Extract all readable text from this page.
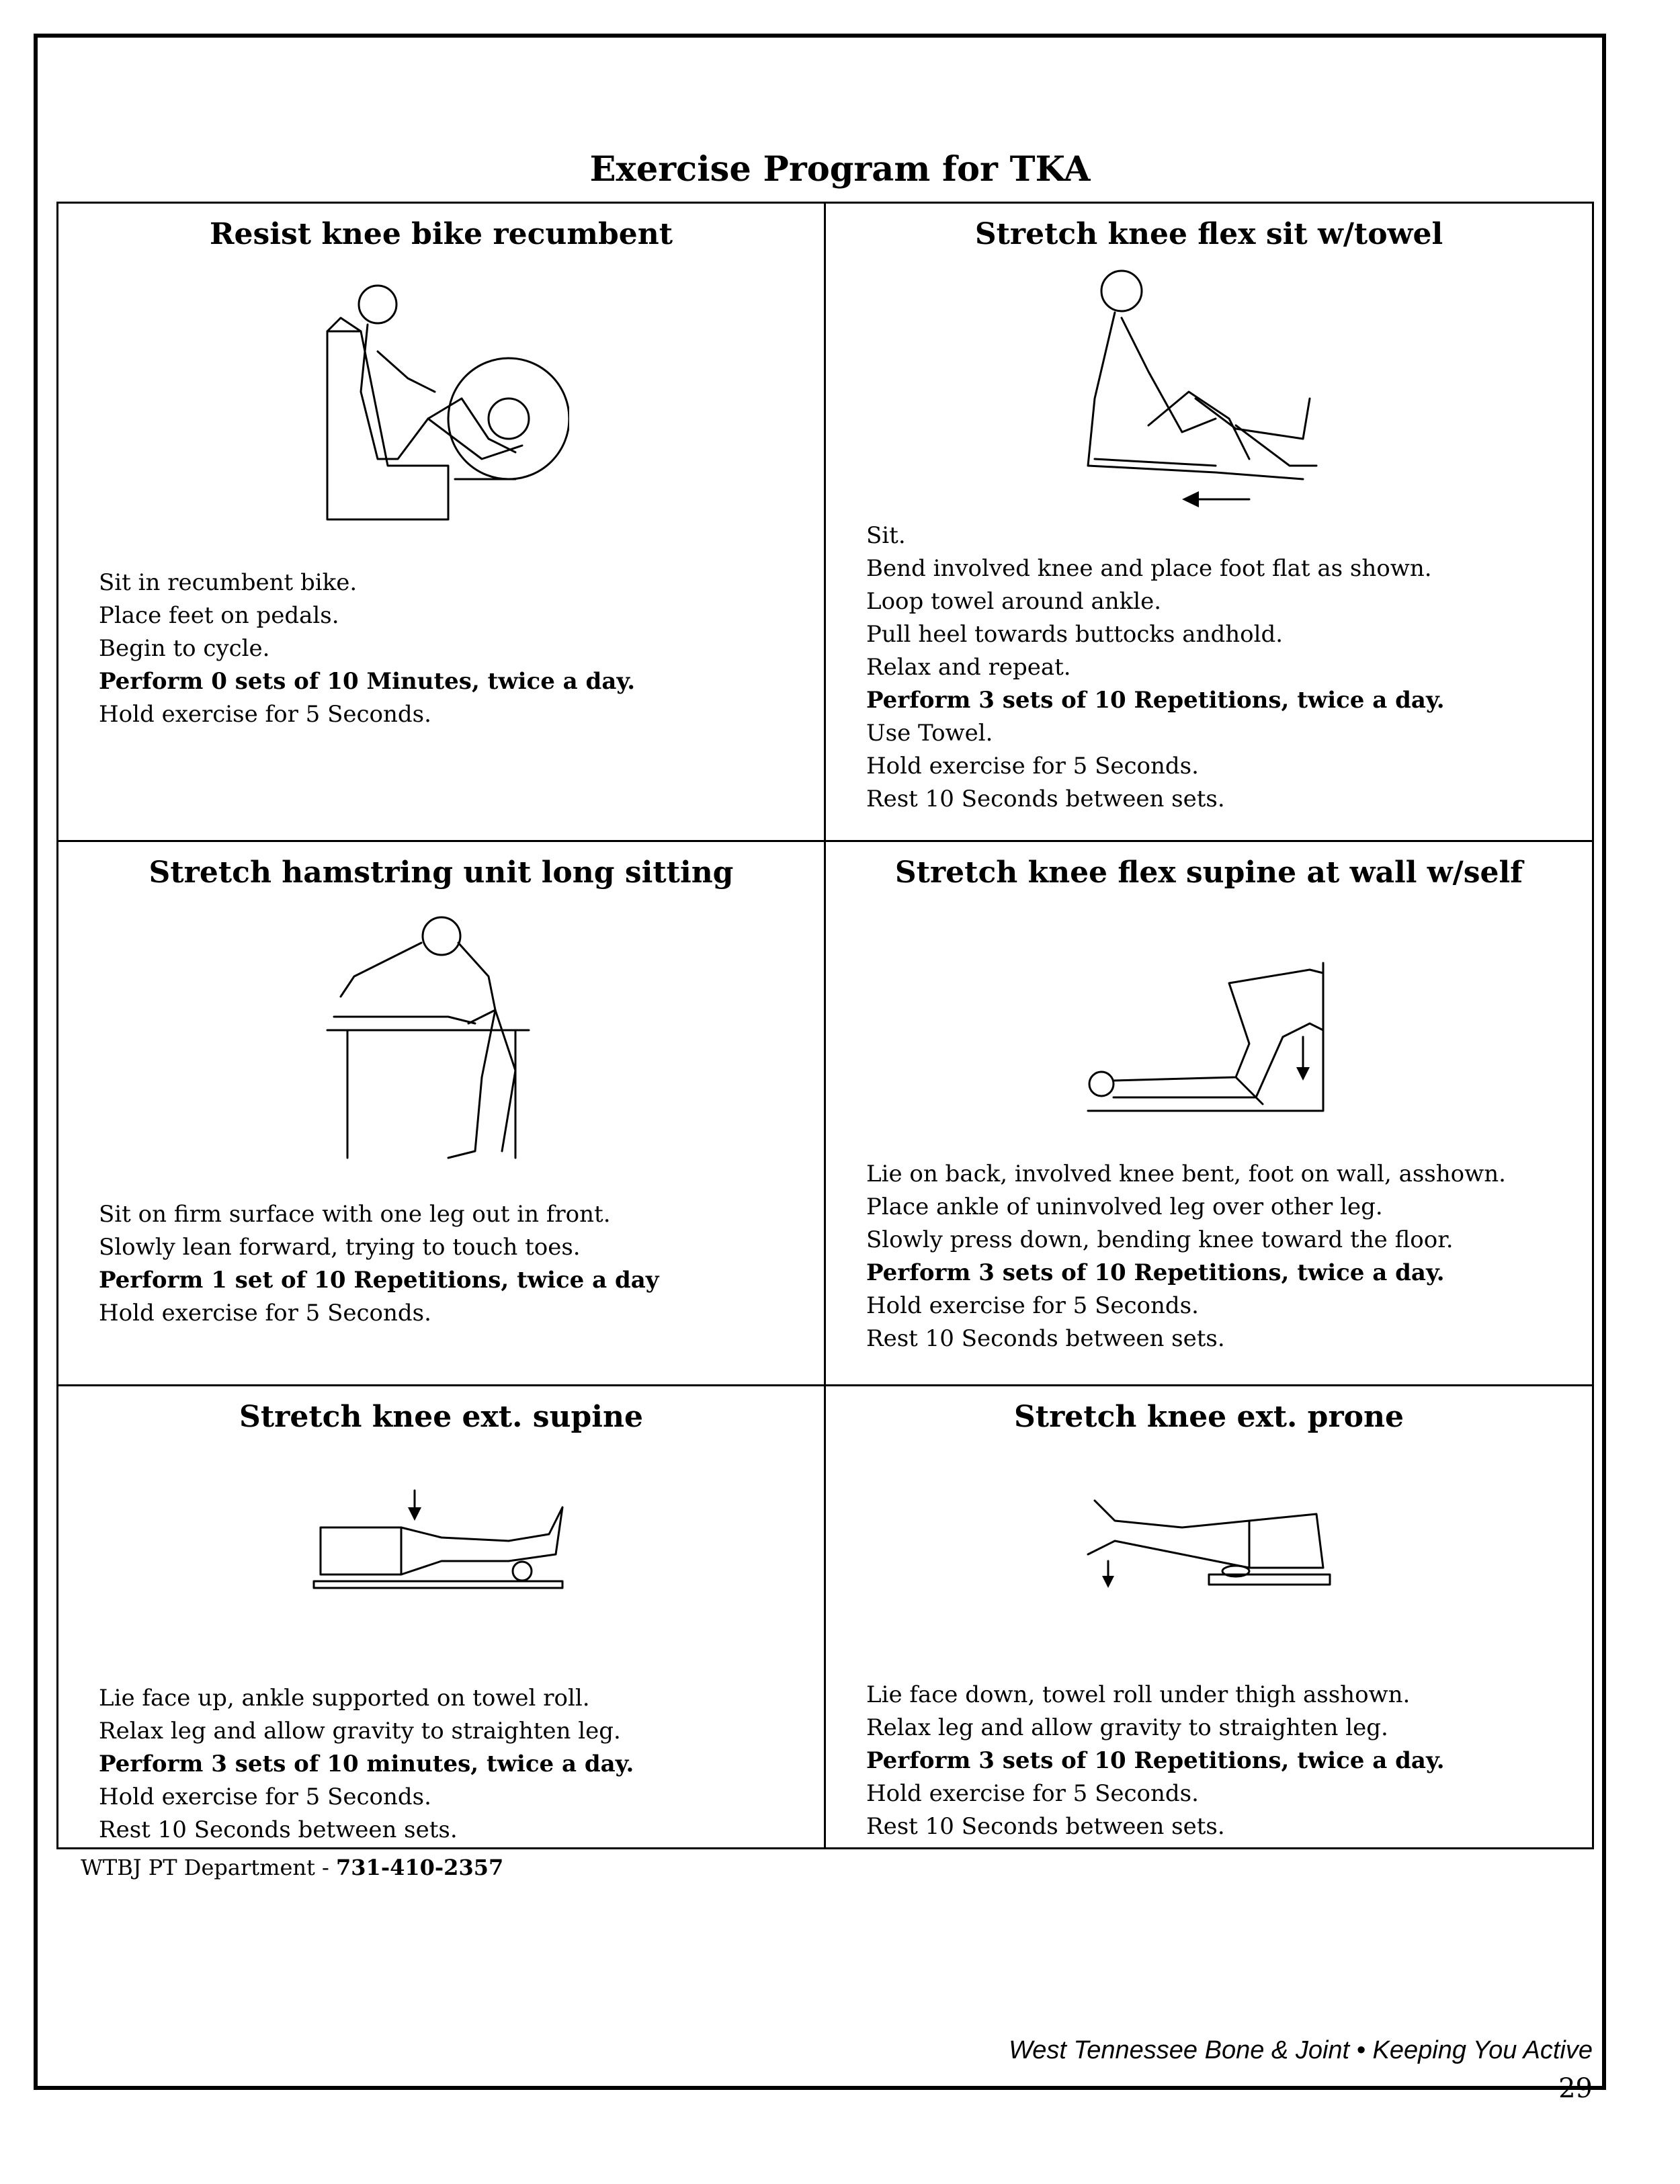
Exercise Program for TKA
Resist knee bike recumbent
Sit in recumbent bike.
Place feet on pedals.
Begin to cycle.
Perform 0 sets of 10 Minutes, twice a day.
Hold exercise for 5 Seconds.
Stretch knee flex sit w/towel
Sit.
Bend involved knee and place foot flat as shown.
Loop towel around ankle.
Pull heel towards buttocks andhold.
Relax and repeat.
Perform 3 sets of 10 Repetitions, twice a day.
Use Towel.
Hold exercise for 5 Seconds.
Rest 10 Seconds between sets.
Stretch hamstring unit long sitting
Sit on firm surface with one leg out in front.
Slowly lean forward, trying to touch toes.
Perform 1 set of 10 Repetitions, twice a day
Hold exercise for 5 Seconds.
Stretch knee flex supine at wall w/self
Lie on back, involved knee bent, foot on wall, asshown.
Place ankle of uninvolved leg over other leg.
Slowly press down, bending knee toward the floor.
Perform 3 sets of 10 Repetitions, twice a day.
Hold exercise for 5 Seconds.
Rest 10 Seconds between sets.
Stretch knee ext. supine
Lie face up, ankle supported on towel roll.
Relax leg and allow gravity to straighten leg.
Perform 3 sets of 10 minutes, twice a day.
Hold exercise for 5 Seconds.
Rest 10 Seconds between sets.
Stretch knee ext. prone
Lie face down, towel roll under thigh asshown.
Relax leg and allow gravity to straighten leg.
Perform 3 sets of 10 Repetitions, twice a day.
Hold exercise for 5 Seconds.
Rest 10 Seconds between sets.
WTBJ PT Department - 731-410-2357
West Tennessee Bone & Joint • Keeping You Active
29
